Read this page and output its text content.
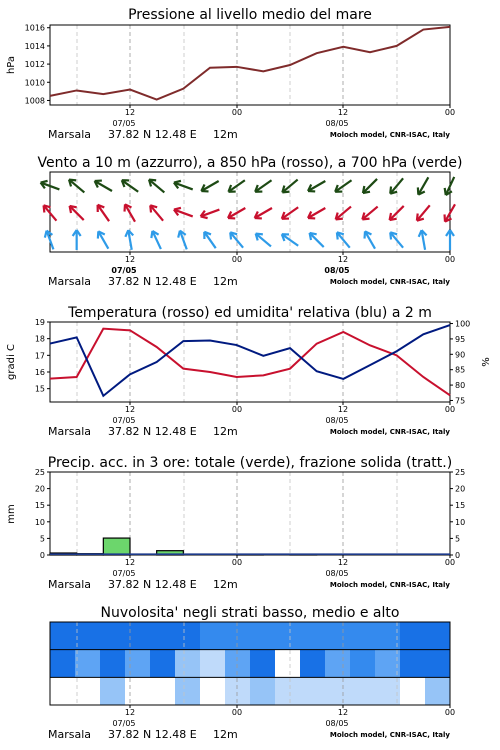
Pressione al livello medio del mare
1016
1014
1012
1010
1008
hPa
12	00	12	00
07/05	08/05
Marsala 37.82 N 12.48 E 12m	Moloch model, CNR-ISAC, Italy
Vento a 10 m (azzurro), a 850 hPa (rosso), a 700 hPa (verde)
12	00	12	00
07/05	08/05
Marsala 37.82 N 12.48 E 12m	Moloch model, CNR-ISAC, Italy
Temperatura (rosso) ed umidita' relativa (blu) a 2 m
19
18
17
16
15
100
95
90
85
80
75
gradi C	%
12	00	12	00
07/05	08/05
Marsala 37.82 N 12.48 E 12m	Moloch model, CNR-ISAC, Italy
Precip. acc. in 3 ore: totale (verde), frazione solida (tratt.)
25	25
20	20
15	15
10	10
5	5
0	0
mm
12	00	12	00
07/05	08/05
Marsala 37.82 N 12.48 E 12m	Moloch model, CNR-ISAC, Italy
Nuvolosita' negli strati basso, medio e alto
12	00	12	00
07/05	08/05
Marsala 37.82 N 12.48 E 12m	Moloch model, CNR-ISAC, Italy
